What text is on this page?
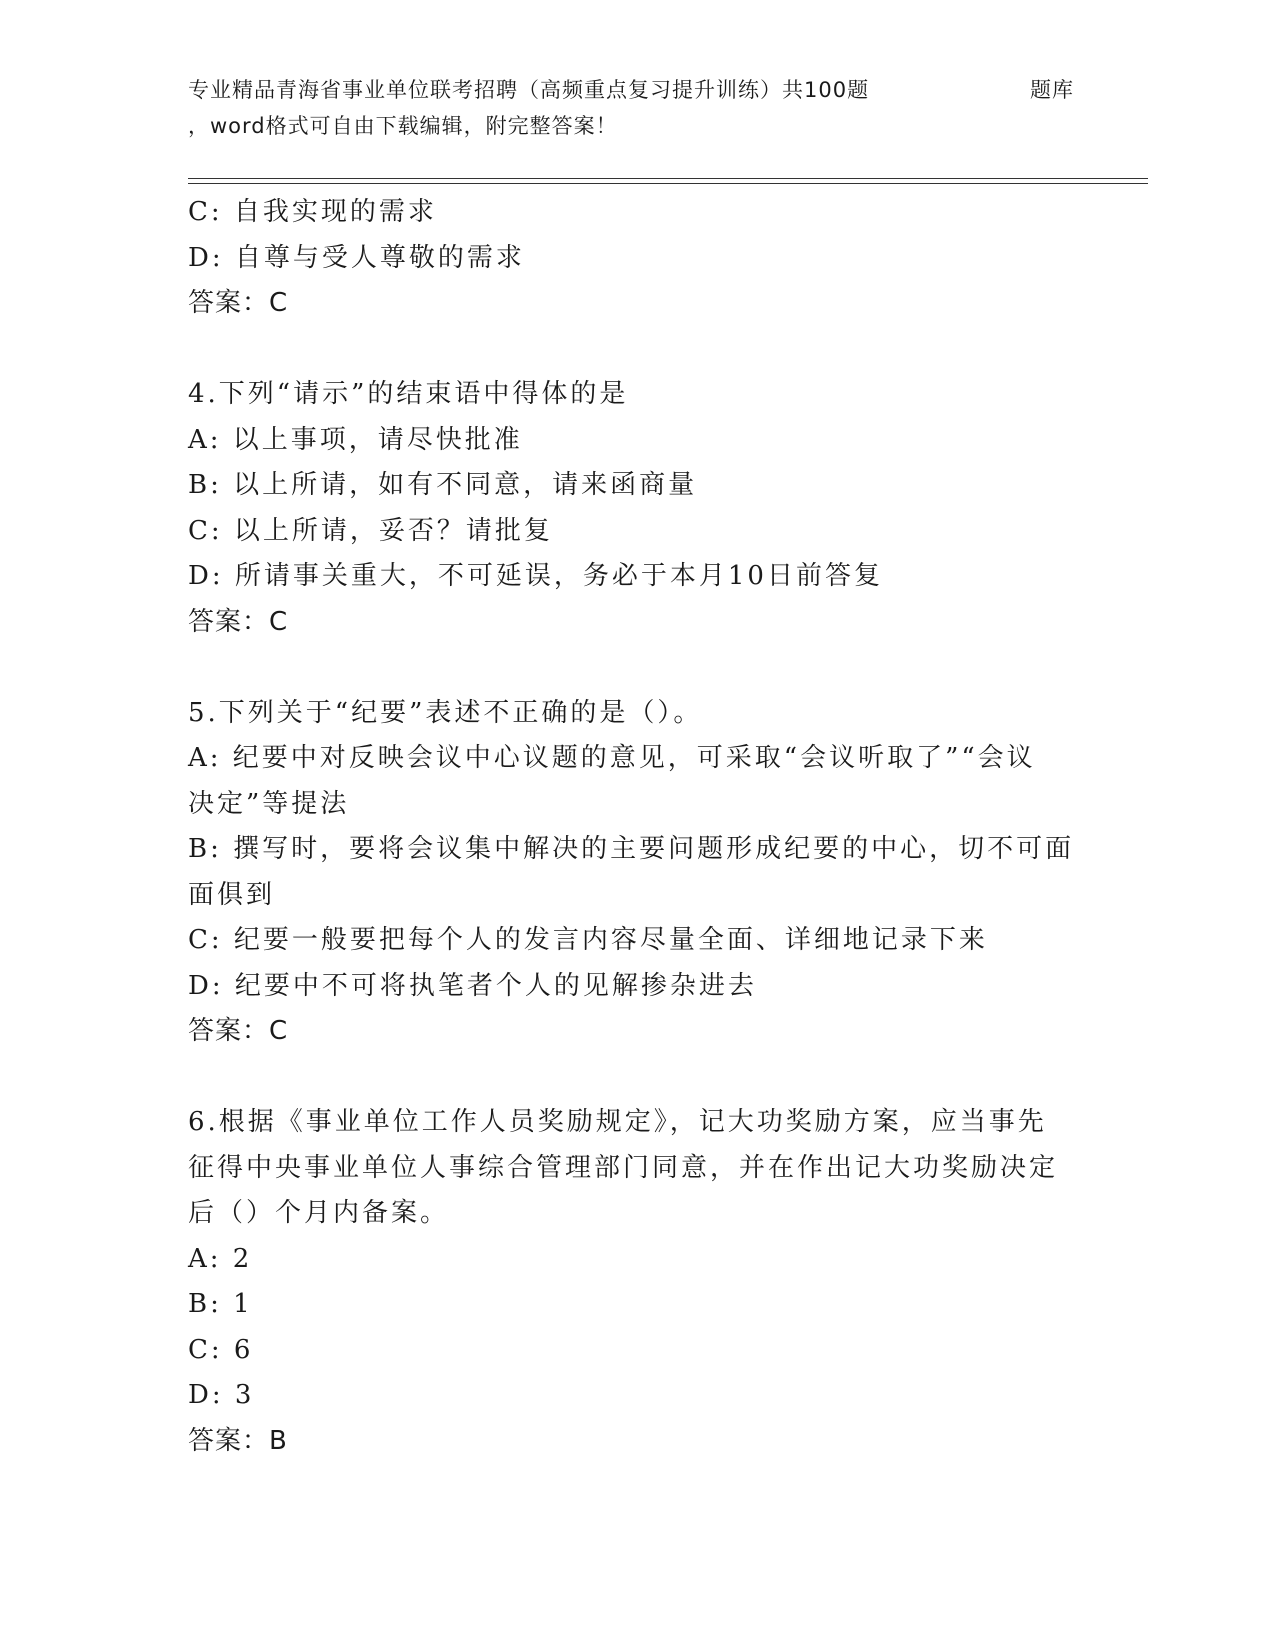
专业精品青海省事业单位联考招聘（高频重点复习提升训练）共100题	题库
，word格式可自由下载编辑，附完整答案！
C: 自我实现的需求
D: 自尊与受人尊敬的需求
答案：C
4.下列“请示”的结束语中得体的是
A: 以上事项，请尽快批准
B: 以上所请，如有不同意，请来函商量
C: 以上所请，妥否？请批复
D: 所请事关重大，不可延误，务必于本月10日前答复
答案：C
5.下列关于“纪要”表述不正确的是（）。
A: 纪要中对反映会议中心议题的意见，可采取“会议听取了”“会议
决定”等提法
B: 撰写时，要将会议集中解决的主要问题形成纪要的中心，切不可面
面俱到
C: 纪要一般要把每个人的发言内容尽量全面、详细地记录下来
D: 纪要中不可将执笔者个人的见解掺杂进去
答案：C
6.根据《事业单位工作人员奖励规定》，记大功奖励方案，应当事先
征得中央事业单位人事综合管理部门同意，并在作出记大功奖励决定
后（）个月内备案。
A: 2
B: 1
C: 6
D: 3
答案：B
